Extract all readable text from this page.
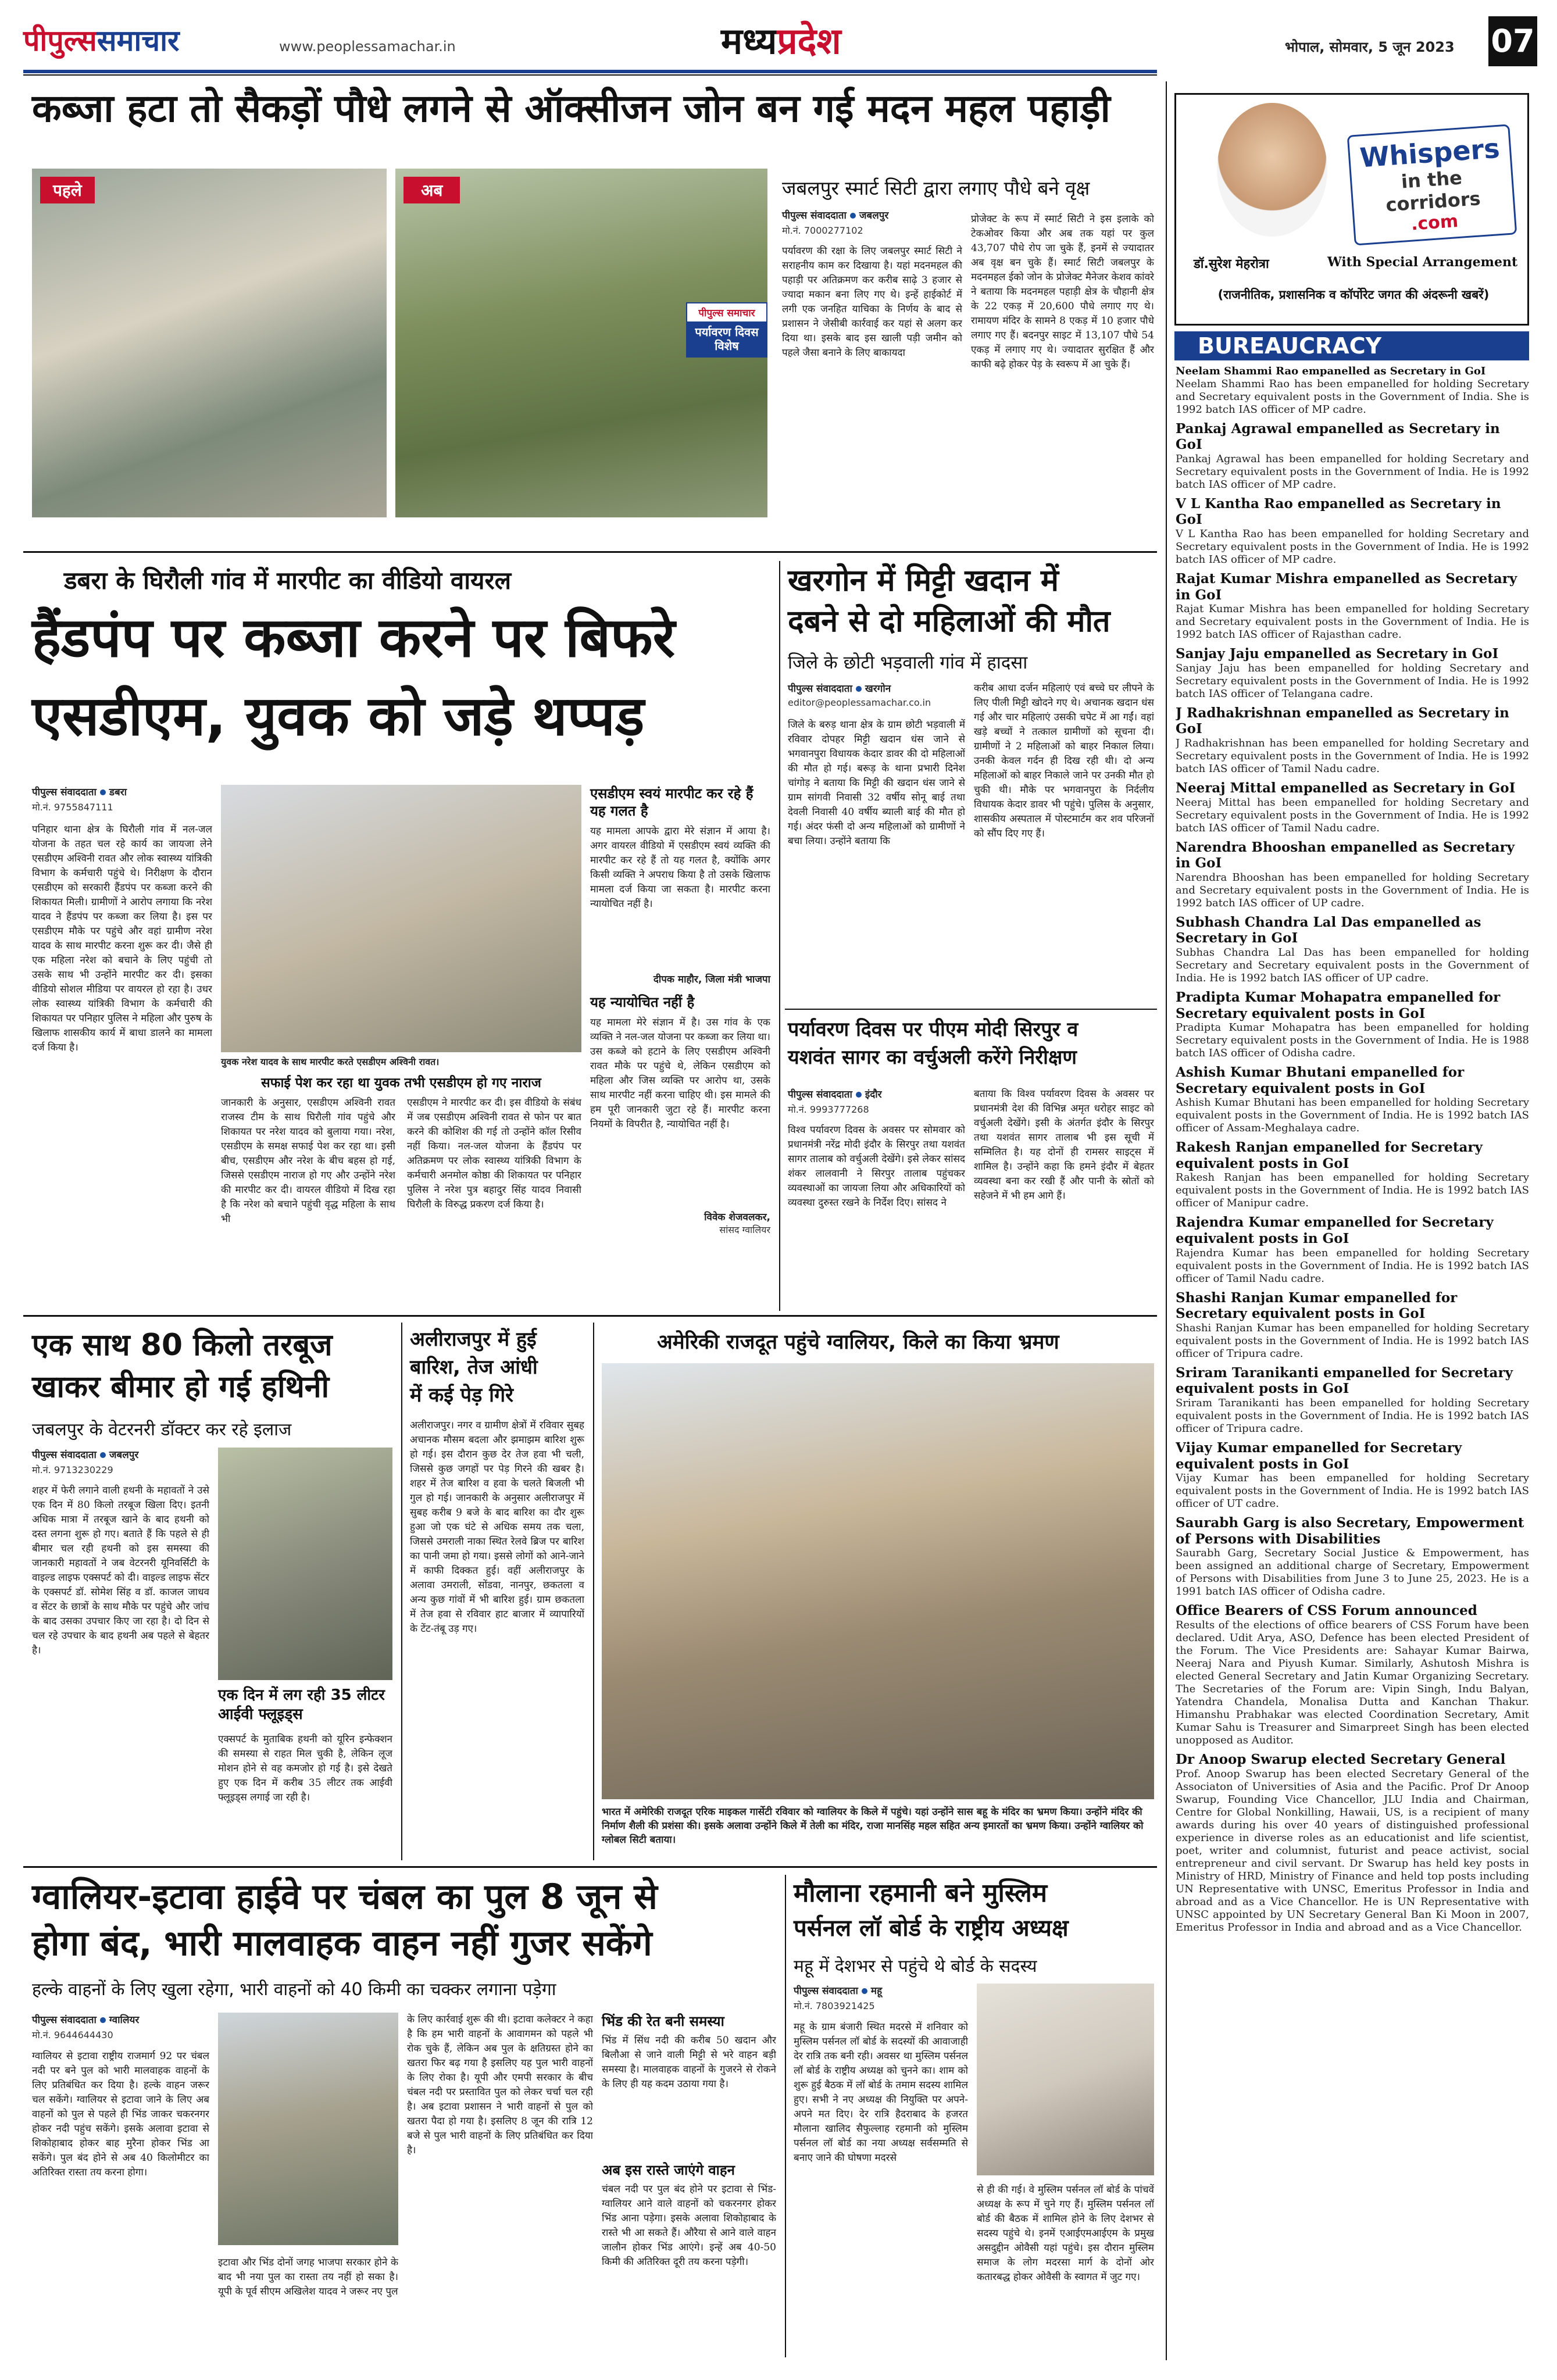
पीपुल्ससमाचार	www.peoplessamachar.in	मध्यप्रदेश	भोपाल, सोमवार, 5 जून 2023 07
कब्जा हटा तो सैकड़ों पौधे लगने से ऑक्सीजन जोन बन गई मदन महल पहाड़ी
पहले	अब
पीपुल्स समाचार
पर्यावरण दिवस विशेष
जबलपुर स्मार्ट सिटी द्वारा लगाए पौधे बने वृक्ष
पीपुल्स संवाददाता जबलपुर
मो.नं. 7000277102
पर्यावरण की रक्षा के लिए जबलपुर स्मार्ट सिटी ने सराहनीय काम कर दिखाया है। यहां मदनमहल की पहाड़ी पर अतिक्रमण कर करीब साढ़े 3 हजार से ज्यादा मकान बना लिए गए थे। इन्हें हाईकोर्ट में लगी एक जनहित याचिका के निर्णय के बाद से प्रशासन ने जेसीबी कार्रवाई कर यहां से अलग कर दिया था। इसके बाद इस खाली पड़ी जमीन को पहले जैसा बनाने के लिए बाकायदा
प्रोजेक्ट के रूप में स्मार्ट सिटी ने इस इलाके को टेकओवर किया और अब तक यहां पर कुल 43,707 पौधे रोप जा चुके हैं, इनमें से ज्यादातर अब वृक्ष बन चुके हैं। स्मार्ट सिटी जबलपुर के मदनमहल ईको जोन के प्रोजेक्ट मैनेजर केशव कांवरे ने बताया कि मदनमहल पहाड़ी क्षेत्र के चौहानी क्षेत्र के 22 एकड़ में 20,600 पौधे लगाए गए थे। रामायण मंदिर के सामने 8 एकड़ में 10 हजार पौधे लगाए गए हैं। बदनपुर साइट में 13,107 पौधे 54 एकड़ में लगाए गए थे। ज्यादातर सुरक्षित हैं और काफी बढ़े होकर पेड़ के स्वरूप में आ चुके हैं।
डबरा के घिरौली गांव में मारपीट का वीडियो वायरल
हैंडपंप पर कब्जा करने पर बिफरे
एसडीएम, युवक को जड़े थप्पड़
पीपुल्स संवाददाता डबरा
मो.नं. 9755847111
पनिहार थाना क्षेत्र के घिरौली गांव में नल-जल योजना के तहत चल रहे कार्य का जायजा लेने एसडीएम अश्विनी रावत और लोक स्वास्थ्य यांत्रिकी विभाग के कर्मचारी पहुंचे थे। निरीक्षण के दौरान एसडीएम को सरकारी हैंडपंप पर कब्जा करने की शिकायत मिली। ग्रामीणों ने आरोप लगाया कि नरेश यादव ने हैंडपंप पर कब्जा कर लिया है। इस पर एसडीएम मौके पर पहुंचे और वहां ग्रामीण नरेश यादव के साथ मारपीट करना शुरू कर दी। जैसे ही एक महिला नरेश को बचाने के लिए पहुंची तो उसके साथ भी उन्होंने मारपीट कर दी। इसका वीडियो सोशल मीडिया पर वायरल हो रहा है। उधर लोक स्वास्थ्य यांत्रिकी विभाग के कर्मचारी की शिकायत पर पनिहार पुलिस ने महिला और पुरुष के खिलाफ शासकीय कार्य में बाधा डालने का मामला दर्ज किया है।
युवक नरेश यादव के साथ मारपीट करते एसडीएम अश्विनी रावत।
सफाई पेश कर रहा था युवक तभी एसडीएम हो गए नाराज
जानकारी के अनुसार, एसडीएम अश्विनी रावत राजस्व टीम के साथ घिरौली गांव पहुंचे और शिकायत पर नरेश यादव को बुलाया गया। नरेश, एसडीएम के समक्ष सफाई पेश कर रहा था। इसी बीच, एसडीएम और नरेश के बीच बहस हो गई, जिससे एसडीएम नाराज हो गए और उन्होंने नरेश की मारपीट कर दी। वायरल वीडियो में दिख रहा है कि नरेश को बचाने पहुंची वृद्ध महिला के साथ भी
एसडीएम ने मारपीट कर दी। इस वीडियो के संबंध में जब एसडीएम अश्विनी रावत से फोन पर बात करने की कोशिश की गई तो उन्होंने कॉल रिसीव नहीं किया। नल-जल योजना के हैंडपंप पर अतिक्रमण पर लोक स्वास्थ्य यांत्रिकी विभाग के कर्मचारी अनमोल कोष्ठा की शिकायत पर पनिहार पुलिस ने नरेश पुत्र बहादुर सिंह यादव निवासी घिरौली के विरुद्ध प्रकरण दर्ज किया है।
एसडीएम स्वयं मारपीट कर रहे हैं यह गलत है
यह मामला आपके द्वारा मेरे संज्ञान में आया है। अगर वायरल वीडियो में एसडीएम स्वयं व्यक्ति की मारपीट कर रहे हैं तो यह गलत है, क्योंकि अगर किसी व्यक्ति ने अपराध किया है तो उसके खिलाफ मामला दर्ज किया जा सकता है। मारपीट करना न्यायोचित नहीं है।
दीपक माहौर, जिला मंत्री भाजपा
यह न्यायोचित नहीं है
यह मामला मेरे संज्ञान में है। उस गांव के एक व्यक्ति ने नल-जल योजना पर कब्जा कर लिया था। उस कब्जे को हटाने के लिए एसडीएम अश्विनी रावत मौके पर पहुंचे थे, लेकिन एसडीएम को महिला और जिस व्यक्ति पर आरोप था, उसके साथ मारपीट नहीं करना चाहिए थी। इस मामले की हम पूरी जानकारी जुटा रहे हैं। मारपीट करना नियमों के विपरीत है, न्यायोचित नहीं है।
विवेक शेजवलकर,
सांसद ग्वालियर
खरगोन में मिट्टी खदान में
दबने से दो महिलाओं की मौत
जिले के छोटी भड़वाली गांव में हादसा
पीपुल्स संवाददाता खरगोन
editor@peoplessamachar.co.in
जिले के बरुड़ थाना क्षेत्र के ग्राम छोटी भड़वाली में रविवार दोपहर मिट्टी खदान धंस जाने से भगवानपुरा विधायक केदार डावर की दो महिलाओं की मौत हो गई। बरूड़ के थाना प्रभारी दिनेश चांगोड़ ने बताया कि मिट्टी की खदान धंस जाने से ग्राम सांगवी निवासी 32 वर्षीय सोनू बाई तथा देवली निवासी 40 वर्षीय ब्याली बाई की मौत हो गई। अंदर फंसी दो अन्य महिलाओं को ग्रामीणों ने बचा लिया। उन्होंने बताया कि
करीब आधा दर्जन महिलाएं एवं बच्चे घर लीपने के लिए पीली मिट्टी खोदने गए थे। अचानक खदान धंस गई और चार महिलाएं उसकी चपेट में आ गईं। वहां खड़े बच्चों ने तत्काल ग्रामीणों को सूचना दी। ग्रामीणों ने 2 महिलाओं को बाहर निकाल लिया। उनकी केवल गर्दन ही दिख रही थी। दो अन्य महिलाओं को बाहर निकाले जाने पर उनकी मौत हो चुकी थी। मौके पर भगवानपुरा के निर्दलीय विधायक केदार डावर भी पहुंचे। पुलिस के अनुसार, शासकीय अस्पताल में पोस्टमार्टम कर शव परिजनों को सौंप दिए गए हैं।
पर्यावरण दिवस पर पीएम मोदी सिरपुर व
यशवंत सागर का वर्चुअली करेंगे निरीक्षण
पीपुल्स संवाददाता इंदौर
मो.नं. 9993777268
विश्व पर्यावरण दिवस के अवसर पर सोमवार को प्रधानमंत्री नरेंद्र मोदी इंदौर के सिरपुर तथा यशवंत सागर तालाब को वर्चुअली देखेंगे। इसे लेकर सांसद शंकर लालवानी ने सिरपुर तालाब पहुंचकर व्यवस्थाओं का जायजा लिया और अधिकारियों को व्यवस्था दुरुस्त रखने के निर्देश दिए। सांसद ने
बताया कि विश्व पर्यावरण दिवस के अवसर पर प्रधानमंत्री देश की विभिन्न अमृत धरोहर साइट को वर्चुअली देखेंगे। इसी के अंतर्गत इंदौर के सिरपुर तथा यशवंत सागर तालाब भी इस सूची में सम्मिलित है। यह दोनों ही रामसर साइट्स में शामिल है। उन्होंने कहा कि हमने इंदौर में बेहतर व्यवस्था बना कर रखी हैं और पानी के स्रोतों को सहेजने में भी हम आगे हैं।
एक साथ 80 किलो तरबूज
खाकर बीमार हो गई हथिनी
जबलपुर के वेटरनरी डॉक्टर कर रहे इलाज
पीपुल्स संवाददाता जबलपुर
मो.नं. 9713230229
शहर में फेरी लगाने वाली हथनी के महावतों ने उसे एक दिन में 80 किलो तरबूज खिला दिए। इतनी अधिक मात्रा में तरबूज खाने के बाद हथनी को दस्त लगना शुरू हो गए। बताते हैं कि पहले से ही बीमार चल रही हथनी को इस समस्या की जानकारी महावतों ने जब वेटरनरी यूनिवर्सिटी के वाइल्ड लाइफ एक्सपर्ट को दी। वाइल्ड लाइफ सेंटर के एक्सपर्ट डॉ. सोमेश सिंह व डॉ. काजल जाधव व सेंटर के छात्रों के साथ मौके पर पहुंचे और जांच के बाद उसका उपचार किए जा रहा है। दो दिन से चल रहे उपचार के बाद हथनी अब पहले से बेहतर है।
एक दिन में लग रही 35 लीटर आईवी फ्लूइड्स
एक्सपर्ट के मुताबिक हथनी को यूरिन इन्फेक्शन की समस्या से राहत मिल चुकी है, लेकिन लूज मोशन होने से वह कमजोर हो गई है। इसे देखते हुए एक दिन में करीब 35 लीटर तक आईवी फ्लूइड्स लगाई जा रही है।
अलीराजपुर में हुई
बारिश, तेज आंधी
में कई पेड़ गिरे
अलीराजपुर। नगर व ग्रामीण क्षेत्रों में रविवार सुबह अचानक मौसम बदला और झमाझम बारिश शुरू हो गई। इस दौरान कुछ देर तेज हवा भी चली, जिससे कुछ जगहों पर पेड़ गिरने की खबर है। शहर में तेज बारिश व हवा के चलते बिजली भी गुल हो गई। जानकारी के अनुसार अलीराजपुर में सुबह करीब 9 बजे के बाद बारिश का दौर शुरू हुआ जो एक घंटे से अधिक समय तक चला, जिससे उमराली नाका स्थित रेलवे ब्रिज पर बारिश का पानी जमा हो गया। इससे लोगों को आने-जाने में काफी दिक्कत हुई। वहीं अलीराजपुर के अलावा उमराली, सोंडवा, नानपुर, छकतला व अन्य कुछ गांवों में भी बारिश हुई। ग्राम छकतला में तेज हवा से रविवार हाट बाजार में व्यापारियों के टेंट-तंबू उड़ गए।
अमेरिकी राजदूत पहुंचे ग्वालियर, किले का किया भ्रमण
भारत में अमेरिकी राजदूत एरिक माइकल गार्सेटी रविवार को ग्वालियर के किले में पहुंचे। यहां उन्होंने सास बहू के मंदिर का भ्रमण किया। उन्होंने मंदिर की निर्माण शैली की प्रशंसा की। इसके अलावा उन्होंने किले में तेली का मंदिर, राजा मानसिंह महल सहित अन्य इमारतों का भ्रमण किया। उन्होंने ग्वालियर को ग्लोबल सिटी बताया।
ग्वालियर-इटावा हाईवे पर चंबल का पुल 8 जून से
होगा बंद, भारी मालवाहक वाहन नहीं गुजर सकेंगे
हल्के वाहनों के लिए खुला रहेगा, भारी वाहनों को 40 किमी का चक्कर लगाना पड़ेगा
पीपुल्स संवाददाता ग्वालियर
मो.नं. 9644644430
ग्वालियर से इटावा राष्ट्रीय राजमार्ग 92 पर चंबल नदी पर बने पुल को भारी मालवाहक वाहनों के लिए प्रतिबंधित कर दिया है। हल्के वाहन जरूर चल सकेंगे। ग्वालियर से इटावा जाने के लिए अब वाहनों को पुल से पहले ही भिंड जाकर चकरनगर होकर नदी पहुंच सकेंगे। इसके अलावा इटावा से शिकोहाबाद होकर बाह मुरैना होकर भिंड आ सकेंगे। पुल बंद होने से अब 40 किलोमीटर का अतिरिक्त रास्ता तय करना होगा।
इटावा और भिंड दोनों जगह भाजपा सरकार होने के बाद भी नया पुल का रास्ता तय नहीं हो सका है। यूपी के पूर्व सीएम अखिलेश यादव ने जरूर नए पुल
के लिए कार्रवाई शुरू की थी। इटावा कलेक्टर ने कहा है कि हम भारी वाहनों के आवागमन को पहले भी रोक चुके हैं, लेकिन अब पुल के क्षतिग्रस्त होने का खतरा फिर बढ़ गया है इसलिए यह पुल भारी वाहनों के लिए रोका है। यूपी और एमपी सरकार के बीच चंबल नदी पर प्रस्तावित पुल को लेकर चर्चा चल रही है। अब इटावा प्रशासन ने भारी वाहनों से पुल को खतरा पैदा हो गया है। इसलिए 8 जून की रात्रि 12 बजे से पुल भारी वाहनों के लिए प्रतिबंधित कर दिया है।
भिंड की रेत बनी समस्या
भिंड में सिंध नदी की करीब 50 खदान और बिलौआ से जाने वाली मिट्टी से भरे वाहन बड़ी समस्या है। मालवाहक वाहनों के गुजरने से रोकने के लिए ही यह कदम उठाया गया है।
अब इस रास्ते जाएंगे वाहन
चंबल नदी पर पुल बंद होने पर इटावा से भिंड-ग्वालियर आने वाले वाहनों को चकरनगर होकर भिंड आना पड़ेगा। इसके अलावा शिकोहाबाद के रास्ते भी आ सकते हैं। औरैया से आने वाले वाहन जालौन होकर भिंड आएंगे। इन्हें अब 40-50 किमी की अतिरिक्त दूरी तय करना पड़ेगी।
मौलाना रहमानी बने मुस्लिम
पर्सनल लॉ बोर्ड के राष्ट्रीय अध्यक्ष
महू में देशभर से पहुंचे थे बोर्ड के सदस्य
पीपुल्स संवाददाता महू
मो.नं. 7803921425
महू के ग्राम बंजारी स्थित मदरसे में शनिवार को मुस्लिम पर्सनल लॉ बोर्ड के सदस्यों की आवाजाही देर रात्रि तक बनी रही। अवसर था मुस्लिम पर्सनल लॉ बोर्ड के राष्ट्रीय अध्यक्ष को चुनने का। शाम को शुरू हुई बैठक में लॉ बोर्ड के तमाम सदस्य शामिल हुए। सभी ने नए अध्यक्ष की नियुक्ति पर अपने-अपने मत दिए। देर रात्रि हैदराबाद के हजरत मौलाना खालिद सैफुल्लाह रहमानी को मुस्लिम पर्सनल लॉ बोर्ड का नया अध्यक्ष सर्वसम्मति से बनाए जाने की घोषणा मदरसे
से ही की गई। वे मुस्लिम पर्सनल लॉ बोर्ड के पांचवें अध्यक्ष के रूप में चुने गए हैं। मुस्लिम पर्सनल लॉ बोर्ड की बैठक में शामिल होने के लिए देशभर से सदस्य पहुंचे थे। इनमें एआईएमआईएम के प्रमुख असदुद्दीन ओवैसी यहां पहुंचे। इस दौरान मुस्लिम समाज के लोग मदरसा मार्ग के दोनों ओर कतारबद्ध होकर ओवैसी के स्वागत में जुट गए।
Whispers
in the corridors
.com
डॉ.सुरेश मेहरोत्रा	With Special Arrangement
(राजनीतिक, प्रशासनिक व कॉर्पोरेट जगत की अंदरूनी खबरें)
BUREAUCRACY
Neelam Shammi Rao empanelled as Secretary in GoI
Neelam Shammi Rao has been empanelled for holding Secretary and Secretary equivalent posts in the Government of India. She is 1992 batch IAS officer of MP cadre.
Pankaj Agrawal empanelled as Secretary in GoI
Pankaj Agrawal has been empanelled for holding Secretary and Secretary equivalent posts in the Government of India. He is 1992 batch IAS officer of MP cadre.
V L Kantha Rao empanelled as Secretary in GoI
V L Kantha Rao has been empanelled for holding Secretary and Secretary equivalent posts in the Government of India. He is 1992 batch IAS officer of MP cadre.
Rajat Kumar Mishra empanelled as Secretary in GoI
Rajat Kumar Mishra has been empanelled for holding Secretary and Secretary equivalent posts in the Government of India. He is 1992 batch IAS officer of Rajasthan cadre.
Sanjay Jaju empanelled as Secretary in GoI
Sanjay Jaju has been empanelled for holding Secretary and Secretary equivalent posts in the Government of India. He is 1992 batch IAS officer of Telangana cadre.
J Radhakrishnan empanelled as Secretary in GoI
J Radhakrishnan has been empanelled for holding Secretary and Secretary equivalent posts in the Government of India. He is 1992 batch IAS officer of Tamil Nadu cadre.
Neeraj Mittal empanelled as Secretary in GoI
Neeraj Mittal has been empanelled for holding Secretary and Secretary equivalent posts in the Government of India. He is 1992 batch IAS officer of Tamil Nadu cadre.
Narendra Bhooshan empanelled as Secretary in GoI
Narendra Bhooshan has been empanelled for holding Secretary and Secretary equivalent posts in the Government of India. He is 1992 batch IAS officer of UP cadre.
Subhash Chandra Lal Das empanelled as Secretary in GoI
Subhas Chandra Lal Das has been empanelled for holding Secretary and Secretary equivalent posts in the Government of India. He is 1992 batch IAS officer of UP cadre.
Pradipta Kumar Mohapatra empanelled for Secretary equivalent posts in GoI
Pradipta Kumar Mohapatra has been empanelled for holding Secretary equivalent posts in the Government of India. He is 1988 batch IAS officer of Odisha cadre.
Ashish Kumar Bhutani empanelled for Secretary equivalent posts in GoI
Ashish Kumar Bhutani has been empanelled for holding Secretary equivalent posts in the Government of India. He is 1992 batch IAS officer of Assam-Meghalaya cadre.
Rakesh Ranjan empanelled for Secretary equivalent posts in GoI
Rakesh Ranjan has been empanelled for holding Secretary equivalent posts in the Government of India. He is 1992 batch IAS officer of Manipur cadre.
Rajendra Kumar empanelled for Secretary equivalent posts in GoI
Rajendra Kumar has been empanelled for holding Secretary equivalent posts in the Government of India. He is 1992 batch IAS officer of Tamil Nadu cadre.
Shashi Ranjan Kumar empanelled for Secretary equivalent posts in GoI
Shashi Ranjan Kumar has been empanelled for holding Secretary equivalent posts in the Government of India. He is 1992 batch IAS officer of Tripura cadre.
Sriram Taranikanti empanelled for Secretary equivalent posts in GoI
Sriram Taranikanti has been empanelled for holding Secretary equivalent posts in the Government of India. He is 1992 batch IAS officer of Tripura cadre.
Vijay Kumar empanelled for Secretary equivalent posts in GoI
Vijay Kumar has been empanelled for holding Secretary equivalent posts in the Government of India. He is 1992 batch IAS officer of UT cadre.
Saurabh Garg is also Secretary, Empowerment of Persons with Disabilities
Saurabh Garg, Secretary Social Justice & Empowerment, has been assigned an additional charge of Secretary, Empowerment of Persons with Disabilities from June 3 to June 25, 2023. He is a 1991 batch IAS officer of Odisha cadre.
Office Bearers of CSS Forum announced
Results of the elections of office bearers of CSS Forum have been declared. Udit Arya, ASO, Defence has been elected President of the Forum. The Vice Presidents are: Sahayar Kumar Bairwa, Neeraj Nara and Piyush Kumar. Similarly, Ashutosh Mishra is elected General Secretary and Jatin Kumar Organizing Secretary. The Secretaries of the Forum are: Vipin Singh, Indu Balyan, Yatendra Chandela, Monalisa Dutta and Kanchan Thakur. Himanshu Prabhakar was elected Coordination Secretary, Amit Kumar Sahu is Treasurer and Simarpreet Singh has been elected unopposed as Auditor.
Dr Anoop Swarup elected Secretary General
Prof. Anoop Swarup has been elected Secretary General of the Associaton of Universities of Asia and the Pacific. Prof Dr Anoop Swarup, Founding Vice Chancellor, JLU India and Chairman, Centre for Global Nonkilling, Hawaii, US, is a recipient of many awards during his over 40 years of distinguished professional experience in diverse roles as an educationist and life scientist, poet, writer and columnist, futurist and peace activist, social entrepreneur and civil servant. Dr Swarup has held key posts in Ministry of HRD, Ministry of Finance and held top posts including UN Representative with UNSC, Emeritus Professor in India and abroad and as a Vice Chancellor. He is UN Representative with UNSC appointed by UN Secretary General Ban Ki Moon in 2007, Emeritus Professor in India and abroad and as a Vice Chancellor.
